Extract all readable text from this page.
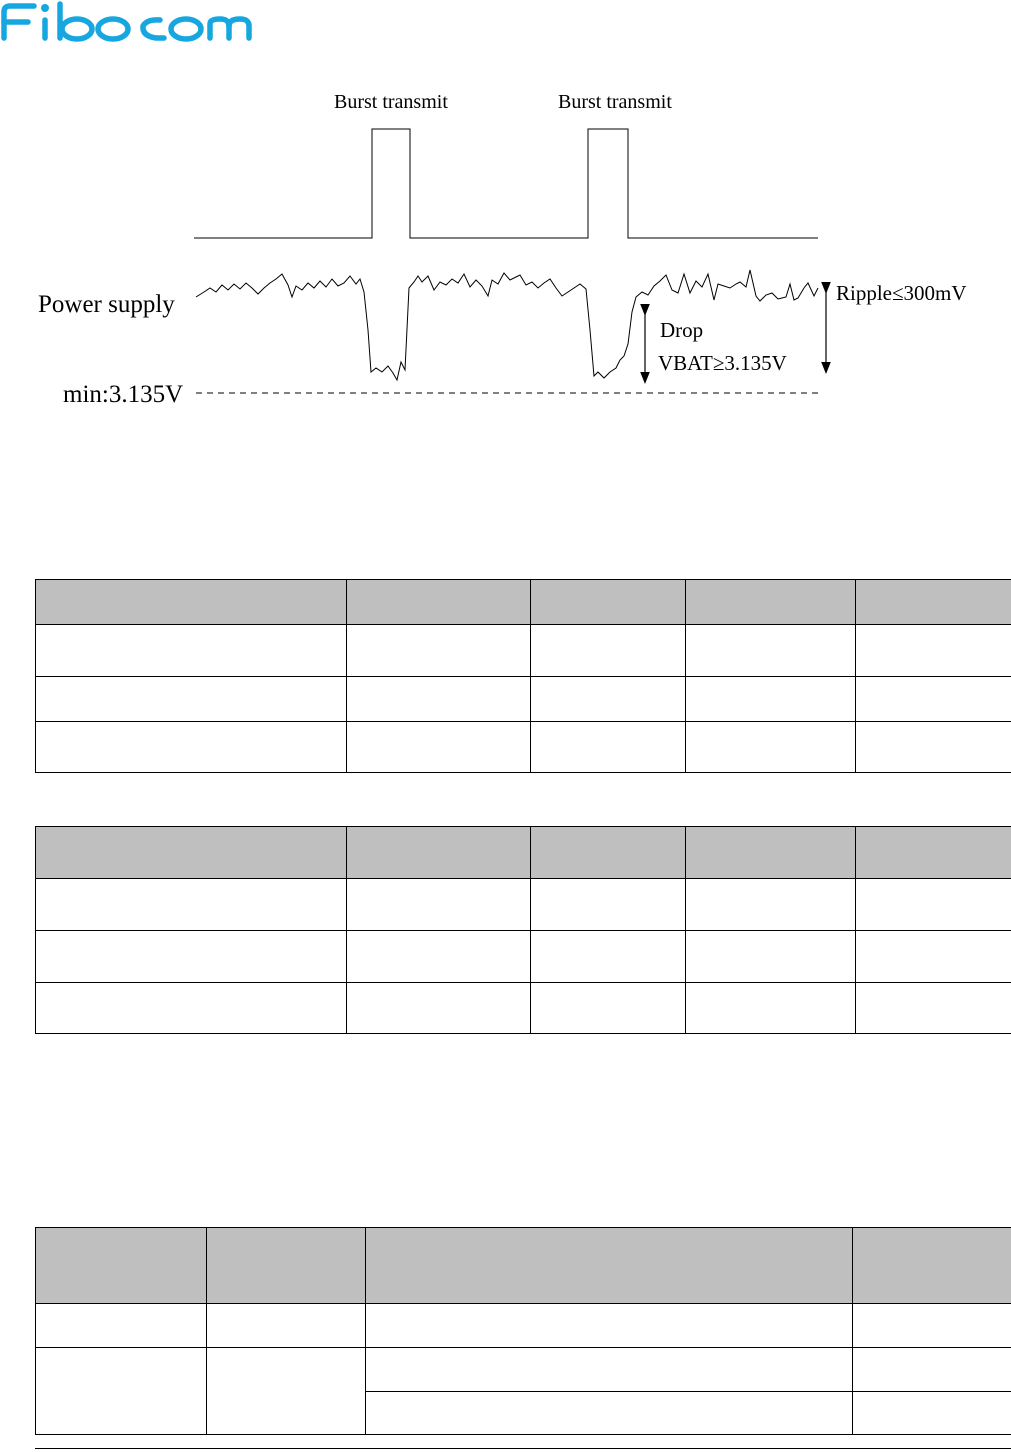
Burst transmit	Burst transmit
Power supply
min:3.135V
Drop
VBAT≥3.135V
Ripple≤300mV
